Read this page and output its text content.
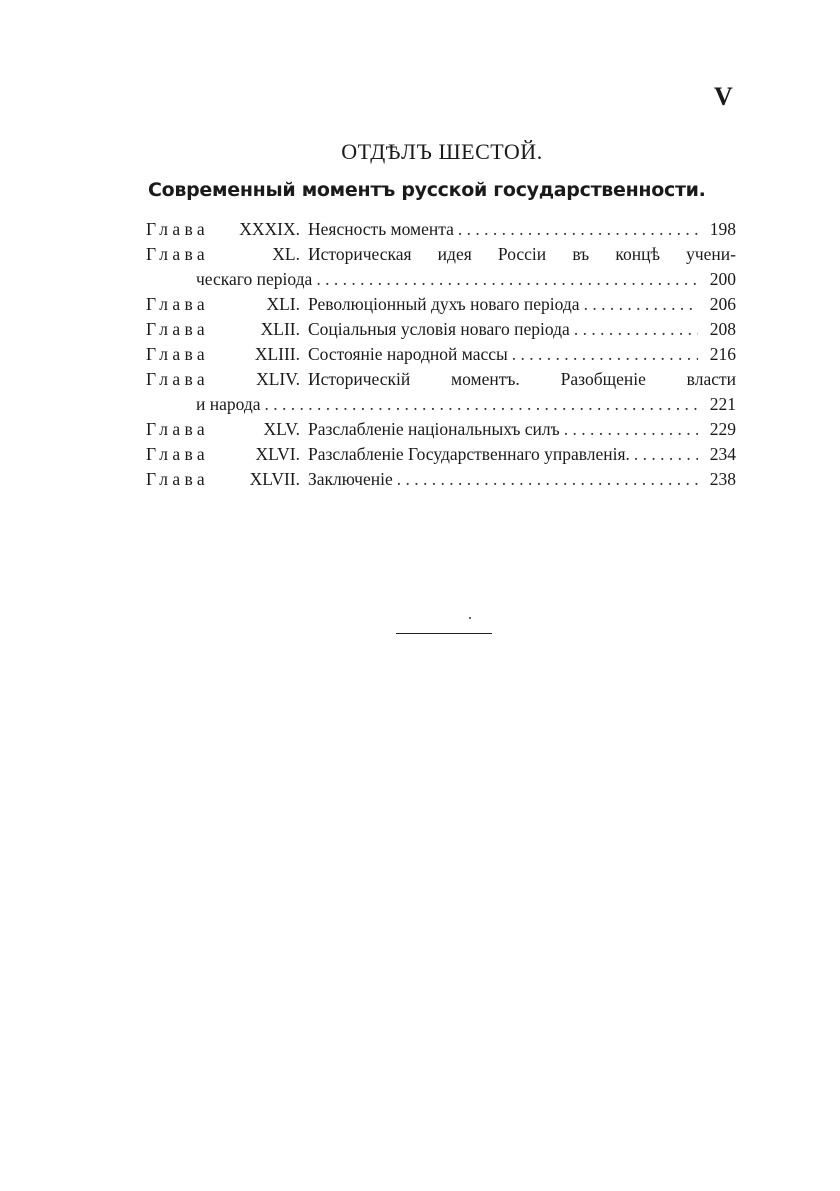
V
ОТДѢЛЪ ШЕСТОЙ.
Современный моментъ русской государственности.
Глава	XXXIX. Неясность момента . . .	198
Глава	XL. Историческая идея Россiи въ концѣ учени-
ческаго перiода . . .	200
Глава	XLI. Революцiонный духъ новаго перiода . . .	206
Глава	XLII. Соцiальныя условiя новаго перiода . . .	208
Глава	XLIII. Состоянiе народной массы . . .	216
Глава	XLIV. Историческiй моментъ. Разобщенiе власти
и народа . . .	221
Глава	XLV. Разслабленiе нацiональныхъ силъ . . .	229
Глава	XLVI. Разслабленiе Государственнаго управленiя. . . .	234
Глава	XLVII. Заключенiе . . .	238
